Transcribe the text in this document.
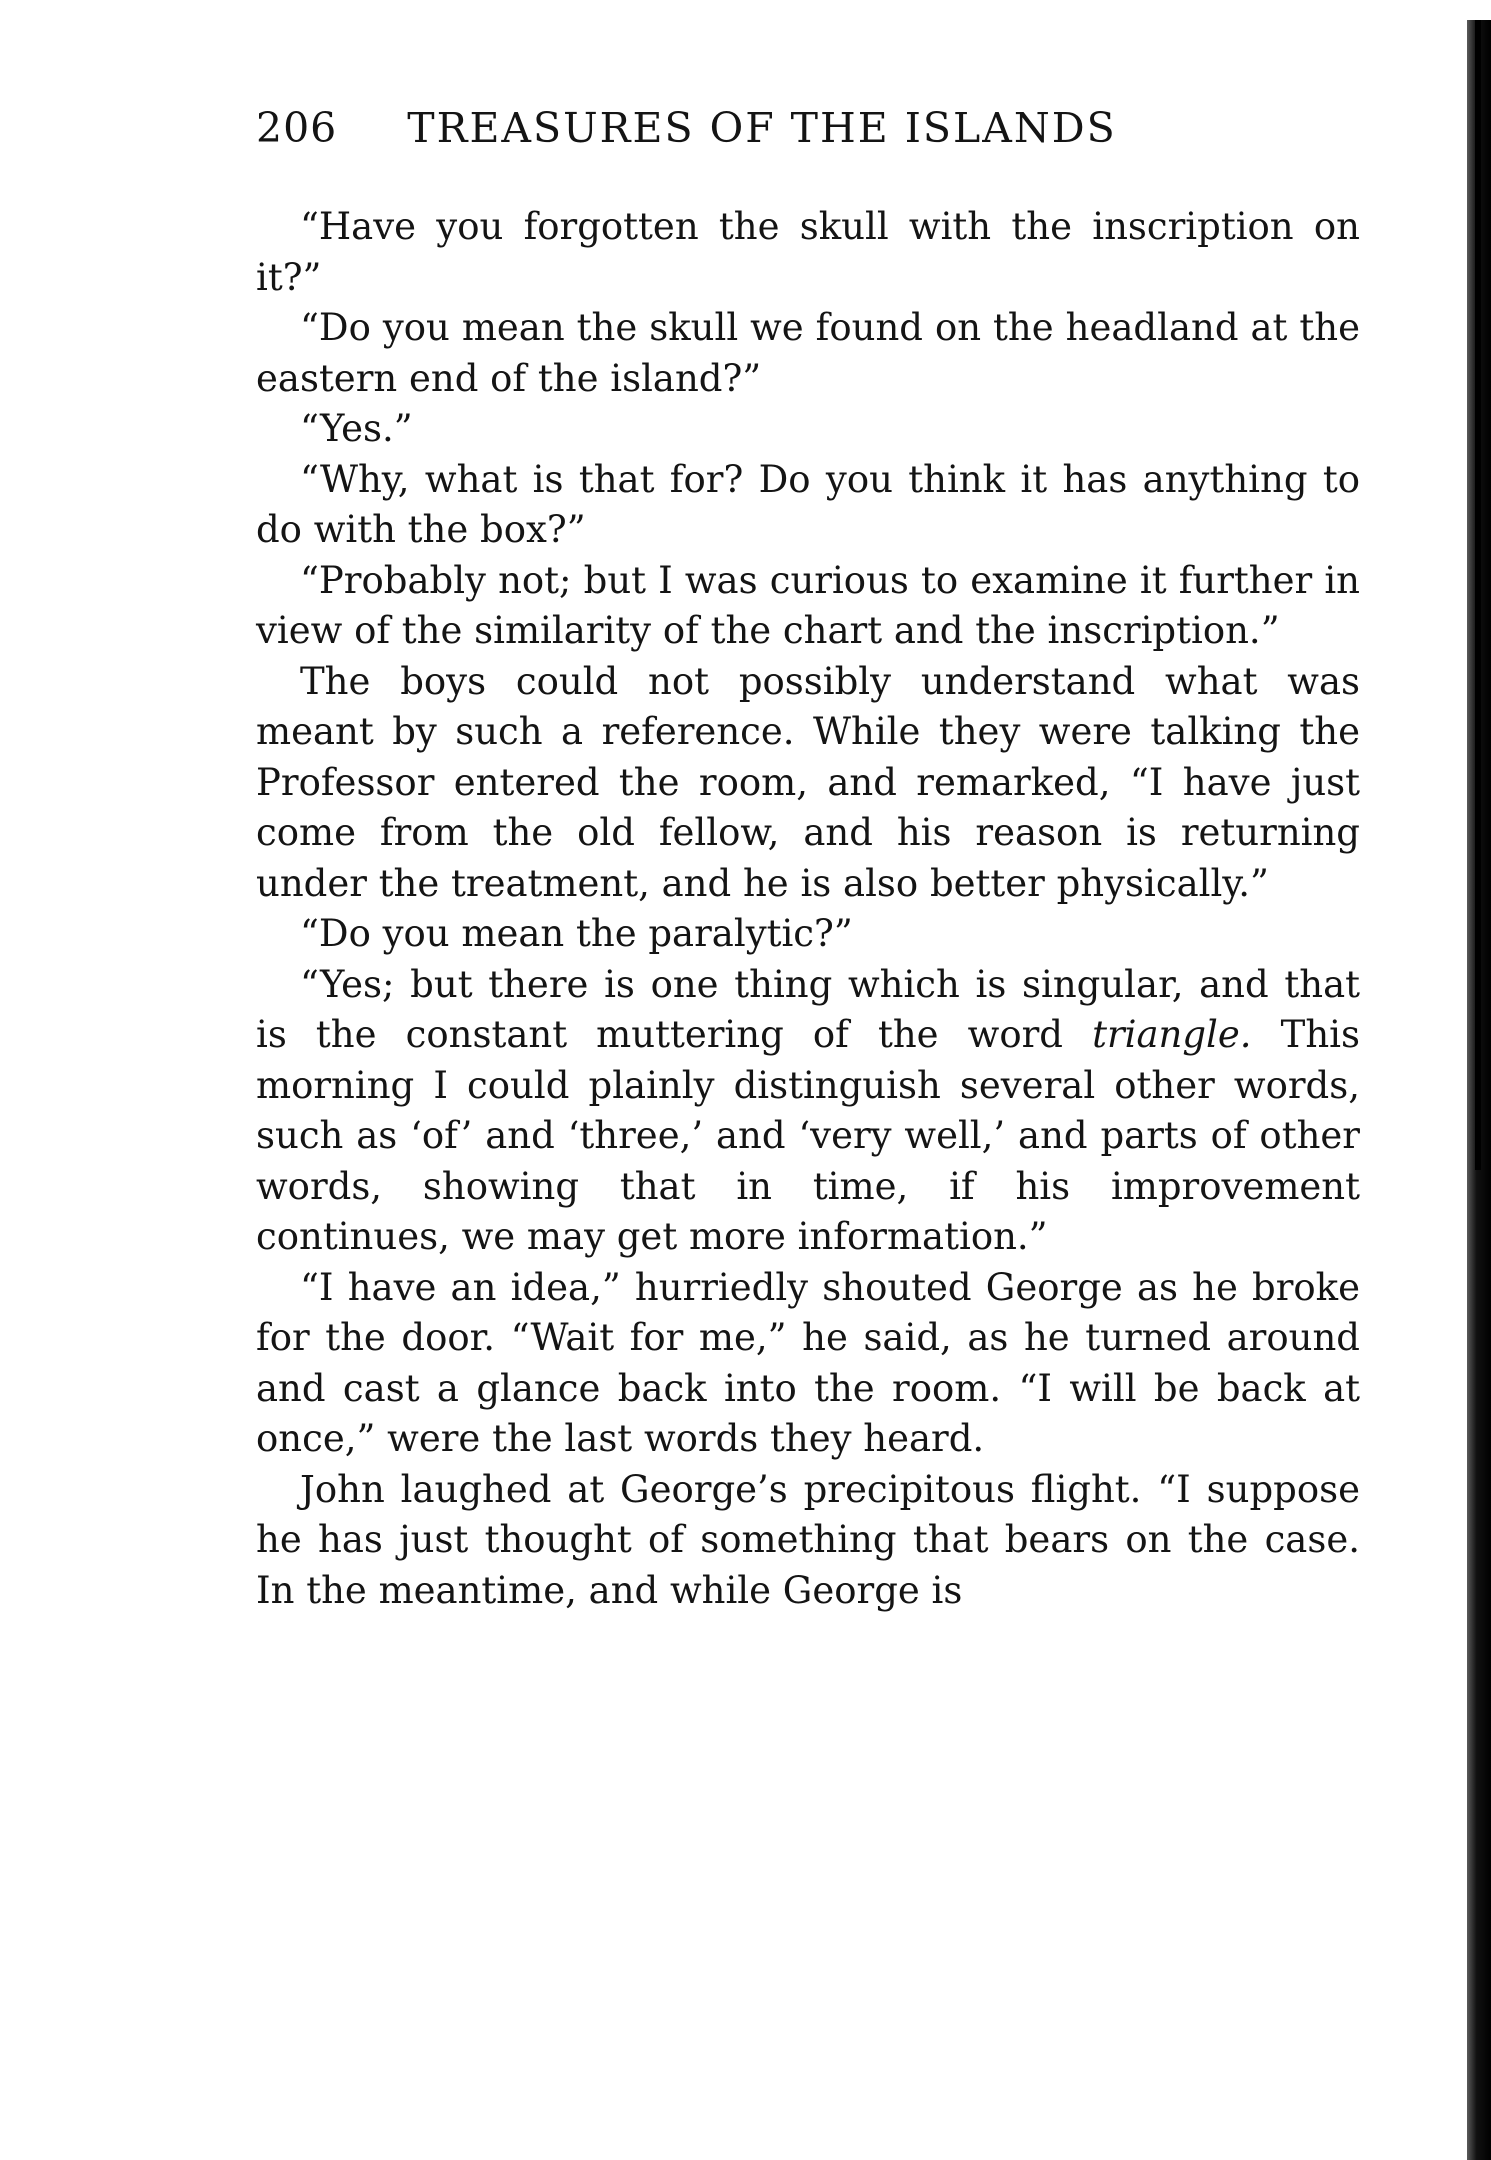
206 TREASURES OF THE ISLANDS

“Have you forgotten the skull with the inscription on it?”

“Do you mean the skull we found on the headland at the eastern end of the island?”

“Yes.”

“Why, what is that for? Do you think it has anything to do with the box?”

“Probably not; but I was curious to examine it further in view of the similarity of the chart and the inscription.”

The boys could not possibly understand what was meant by such a reference. While they were talking the Professor entered the room, and remarked, “I have just come from the old fellow, and his reason is returning under the treatment, and he is also better physically.”

“Do you mean the paralytic?”

“Yes; but there is one thing which is singular, and that is the constant muttering of the word triangle. This morning I could plainly distinguish several other words, such as ‘of’ and ‘three,’ and ‘very well,’ and parts of other words, showing that in time, if his improvement continues, we may get more information.”

“I have an idea,” hurriedly shouted George as he broke for the door. “Wait for me,” he said, as he turned around and cast a glance back into the room. “I will be back at once,” were the last words they heard.

John laughed at George’s precipitous flight. “I suppose he has just thought of something that bears on the case. In the meantime, and while George is
